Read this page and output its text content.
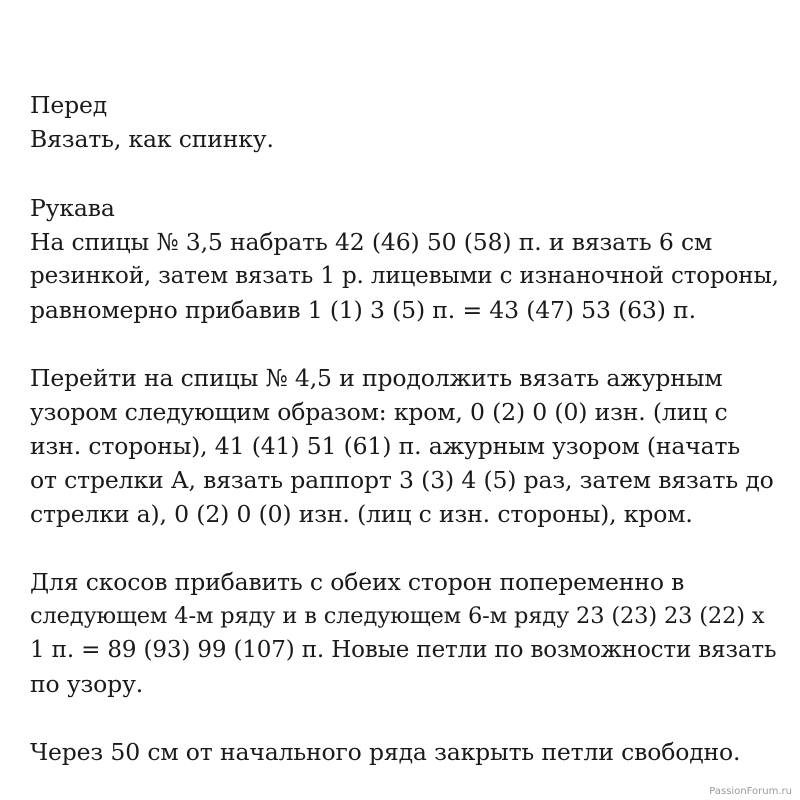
Перед
Вязать, как спинку.
Рукава
На спицы № 3,5 набрать 42 (46) 50 (58) п. и вязать 6 см
резинкой, затем вязать 1 р. лицевыми с изнаночной стороны,
равномерно прибавив 1 (1) 3 (5) п. = 43 (47) 53 (63) п.
Перейти на спицы № 4,5 и продолжить вязать ажурным
узором следующим образом: кром, 0 (2) 0 (0) изн. (лиц с
изн. стороны), 41 (41) 51 (61) п. ажурным узором (начать
от стрелки А, вязать раппорт 3 (3) 4 (5) раз, затем вязать до
стрелки а), 0 (2) 0 (0) изн. (лиц с изн. стороны), кром.
Для скосов прибавить с обеих сторон попеременно в
следующем 4-м ряду и в следующем 6-м ряду 23 (23) 23 (22) х
1 п. = 89 (93) 99 (107) п. Новые петли по возможности вязать
по узору.
Через 50 см от начального ряда закрыть петли свободно.
PassionForum.ru
